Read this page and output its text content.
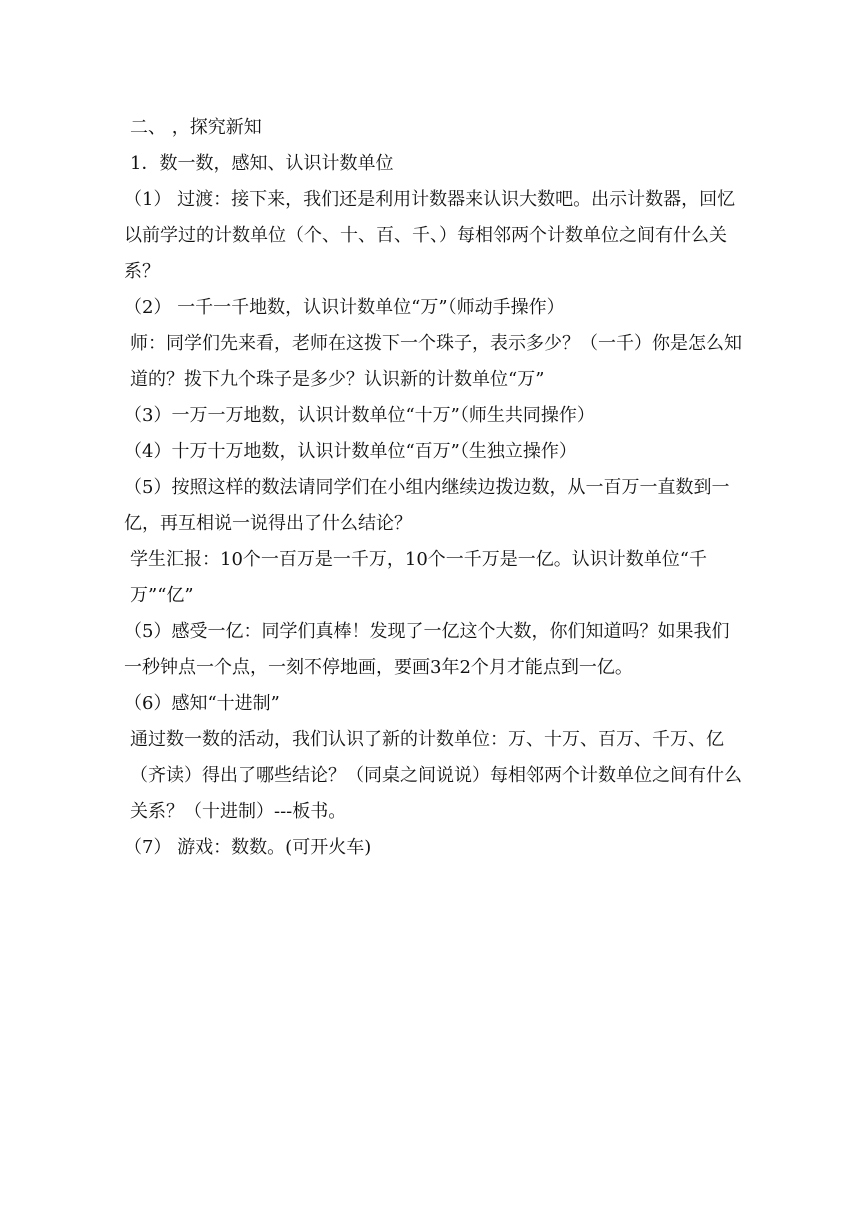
二、 ，探究新知

1．数一数，感知、认识计数单位

（1） 过渡：接下来，我们还是利用计数器来认识大数吧。出示计数器，回忆以前学过的计数单位（个、十、百、千、）每相邻两个计数单位之间有什么关系？

（2） 一千一千地数，认识计数单位“万”（师动手操作）

师：同学们先来看，老师在这拨下一个珠子，表示多少？（一千）你是怎么知道的？拨下九个珠子是多少？认识新的计数单位“万”

（3）一万一万地数，认识计数单位“十万”（师生共同操作）

（4）十万十万地数，认识计数单位“百万”（生独立操作）

（5）按照这样的数法请同学们在小组内继续边拨边数，从一百万一直数到一亿，再互相说一说得出了什么结论？

学生汇报：10个一百万是一千万，10个一千万是一亿。认识计数单位“千万”“亿”

（5）感受一亿：同学们真棒！发现了一亿这个大数，你们知道吗？如果我们一秒钟点一个点，一刻不停地画，要画3年2个月才能点到一亿。

（6）感知“十进制”

通过数一数的活动，我们认识了新的计数单位：万、十万、百万、千万、亿（齐读）得出了哪些结论？（同桌之间说说）每相邻两个计数单位之间有什么关系？（十进制）---板书。

（7） 游戏：数数。(可开火车)
